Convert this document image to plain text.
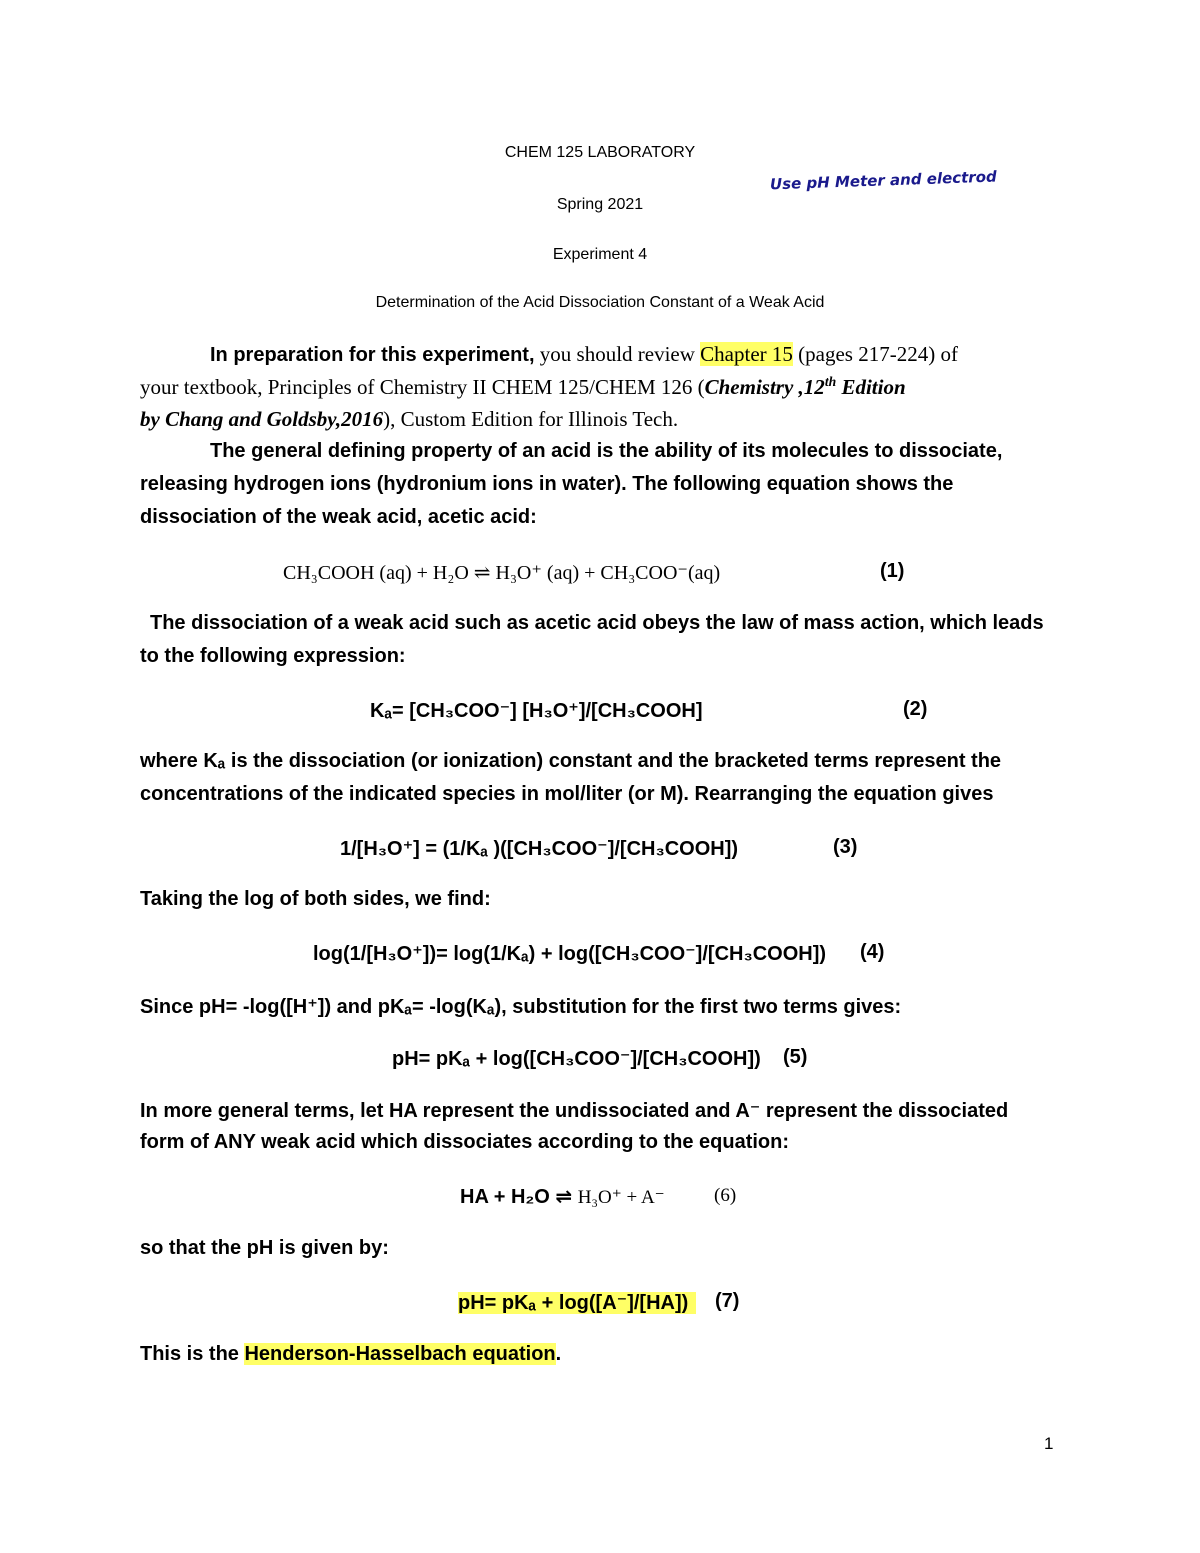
CHEM 125 LABORATORY
Spring 2021
Experiment 4
Determination of the Acid Dissociation Constant of a Weak Acid
Use pH Meter and electrod
In preparation for this experiment, you should review Chapter 15 (pages 217-224) of
your textbook, Principles of Chemistry II CHEM 125/CHEM 126 (Chemistry ,12th Edition
by Chang and Goldsby,2016), Custom Edition for Illinois Tech.
The general defining property of an acid is the ability of its molecules to dissociate,
releasing hydrogen ions (hydronium ions in water). The following equation shows the
dissociation of the weak acid, acetic acid:
CH₃COOH (aq) + H₂O ⇌ H₃O⁺ (aq) + CH₃COO⁻(aq)	(1)
The dissociation of a weak acid such as acetic acid obeys the law of mass action, which leads
to the following expression:
Kₐ= [CH₃COO⁻] [H₃O⁺]/[CH₃COOH]	(2)
where Kₐ is the dissociation (or ionization) constant and the bracketed terms represent the
concentrations of the indicated species in mol/liter (or M). Rearranging the equation gives
1/[H₃O⁺] = (1/Kₐ )([CH₃COO⁻]/[CH₃COOH])	(3)
Taking the log of both sides, we find:
log(1/[H₃O⁺])= log(1/Kₐ) + log([CH₃COO⁻]/[CH₃COOH])	(4)
Since pH= -log([H⁺]) and pKₐ= -log(Kₐ), substitution for the first two terms gives:
pH= pKₐ + log([CH₃COO⁻]/[CH₃COOH])	(5)
In more general terms, let HA represent the undissociated and A⁻ represent the dissociated
form of ANY weak acid which dissociates according to the equation:
HA + H₂O ⇌ H₃O⁺ + A⁻	(6)
so that the pH is given by:
pH= pKₐ + log([A⁻]/[HA])	(7)
This is the Henderson-Hasselbach equation.
1
